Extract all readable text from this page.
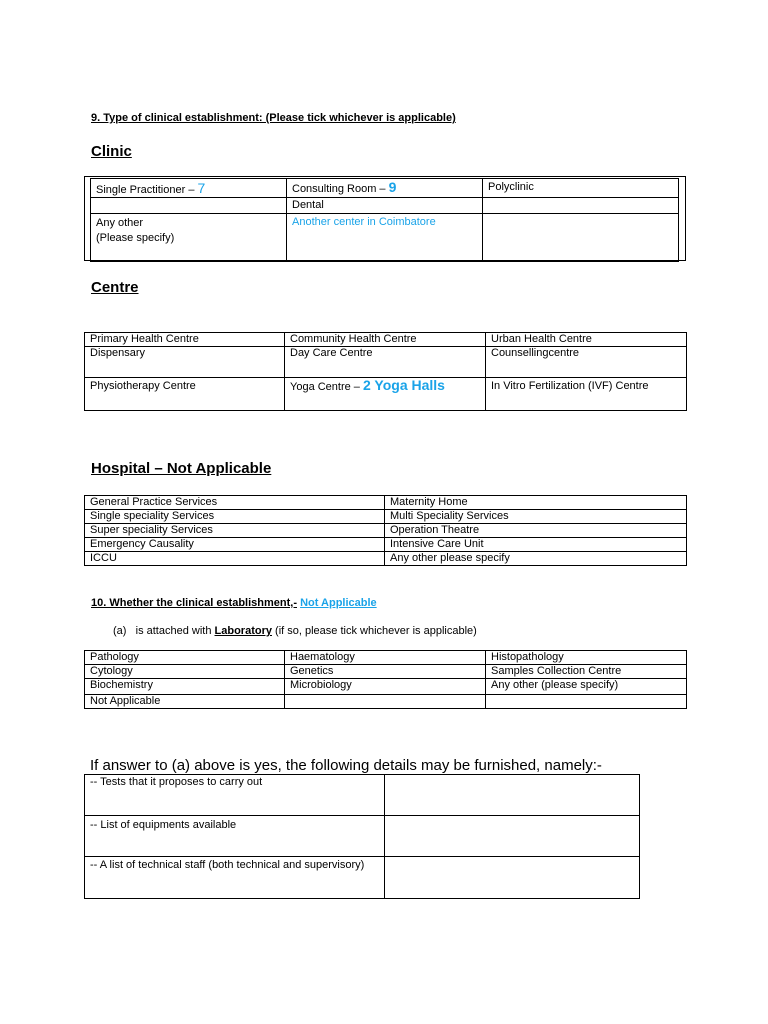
9. Type of clinical establishment: (Please tick whichever is applicable)
Clinic
Single Practitioner – 7	Consulting Room – 9	Polyclinic
	Dental	

Any other
(Please specify)	Another center in Coimbatore	
Centre
Primary Health Centre	Community Health Centre	Urban Health Centre
Dispensary	Day Care Centre	Counsellingcentre
Physiotherapy Centre	Yoga Centre – 2 Yoga Halls	In Vitro Fertilization (IVF) Centre
Hospital – Not Applicable
General Practice Services	Maternity Home
Single speciality Services	Multi Speciality Services
Super speciality Services	Operation Theatre
Emergency Causality	Intensive Care Unit
ICCU	Any other please specify
10. Whether the clinical establishment,- Not Applicable
(a) is attached with Laboratory (if so, please tick whichever is applicable)
Pathology	Haematology	Histopathology
Cytology	Genetics	Samples Collection Centre
Biochemistry	Microbiology	Any other (please specify)
Not Applicable		
If answer to (a) above is yes, the following details may be furnished, namely:-
-- Tests that it proposes to carry out	
-- List of equipments available	
-- A list of technical staff (both technical and supervisory)	
